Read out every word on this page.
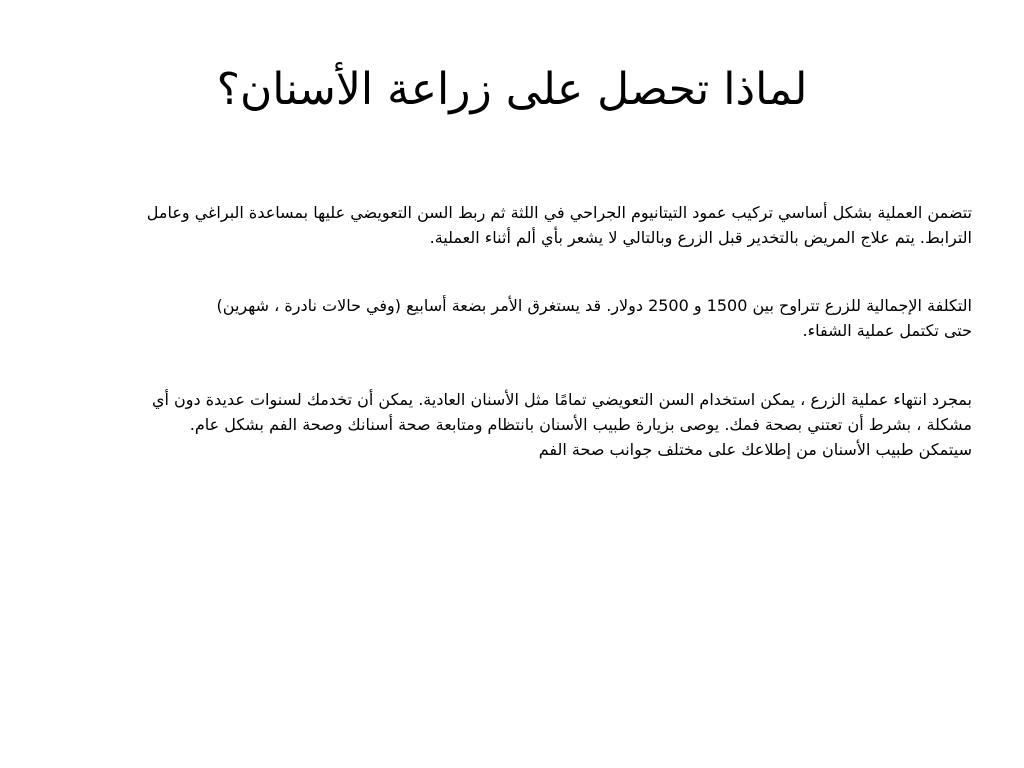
لماذا تحصل على زراعة الأسنان؟

تتضمن العملية بشكل أساسي تركيب عمود التيتانيوم الجراحي في اللثة ثم ربط السن التعويضي عليها بمساعدة البراغي وعامل
الترابط. يتم علاج المريض بالتخدير قبل الزرع وبالتالي لا يشعر بأي ألم أثناء العملية.

التكلفة الإجمالية للزرع تتراوح بين 1500 و 2500 دولار. قد يستغرق الأمر بضعة أسابيع (وفي حالات نادرة ، شهرين)
حتى تكتمل عملية الشفاء.

بمجرد انتهاء عملية الزرع ، يمكن استخدام السن التعويضي تمامًا مثل الأسنان العادية. يمكن أن تخدمك لسنوات عديدة دون أي
مشكلة ، بشرط أن تعتني بصحة فمك. يوصى بزيارة طبيب الأسنان بانتظام ومتابعة صحة أسنانك وصحة الفم بشكل عام.
سيتمكن طبيب الأسنان من إطلاعك على مختلف جوانب صحة الفم
